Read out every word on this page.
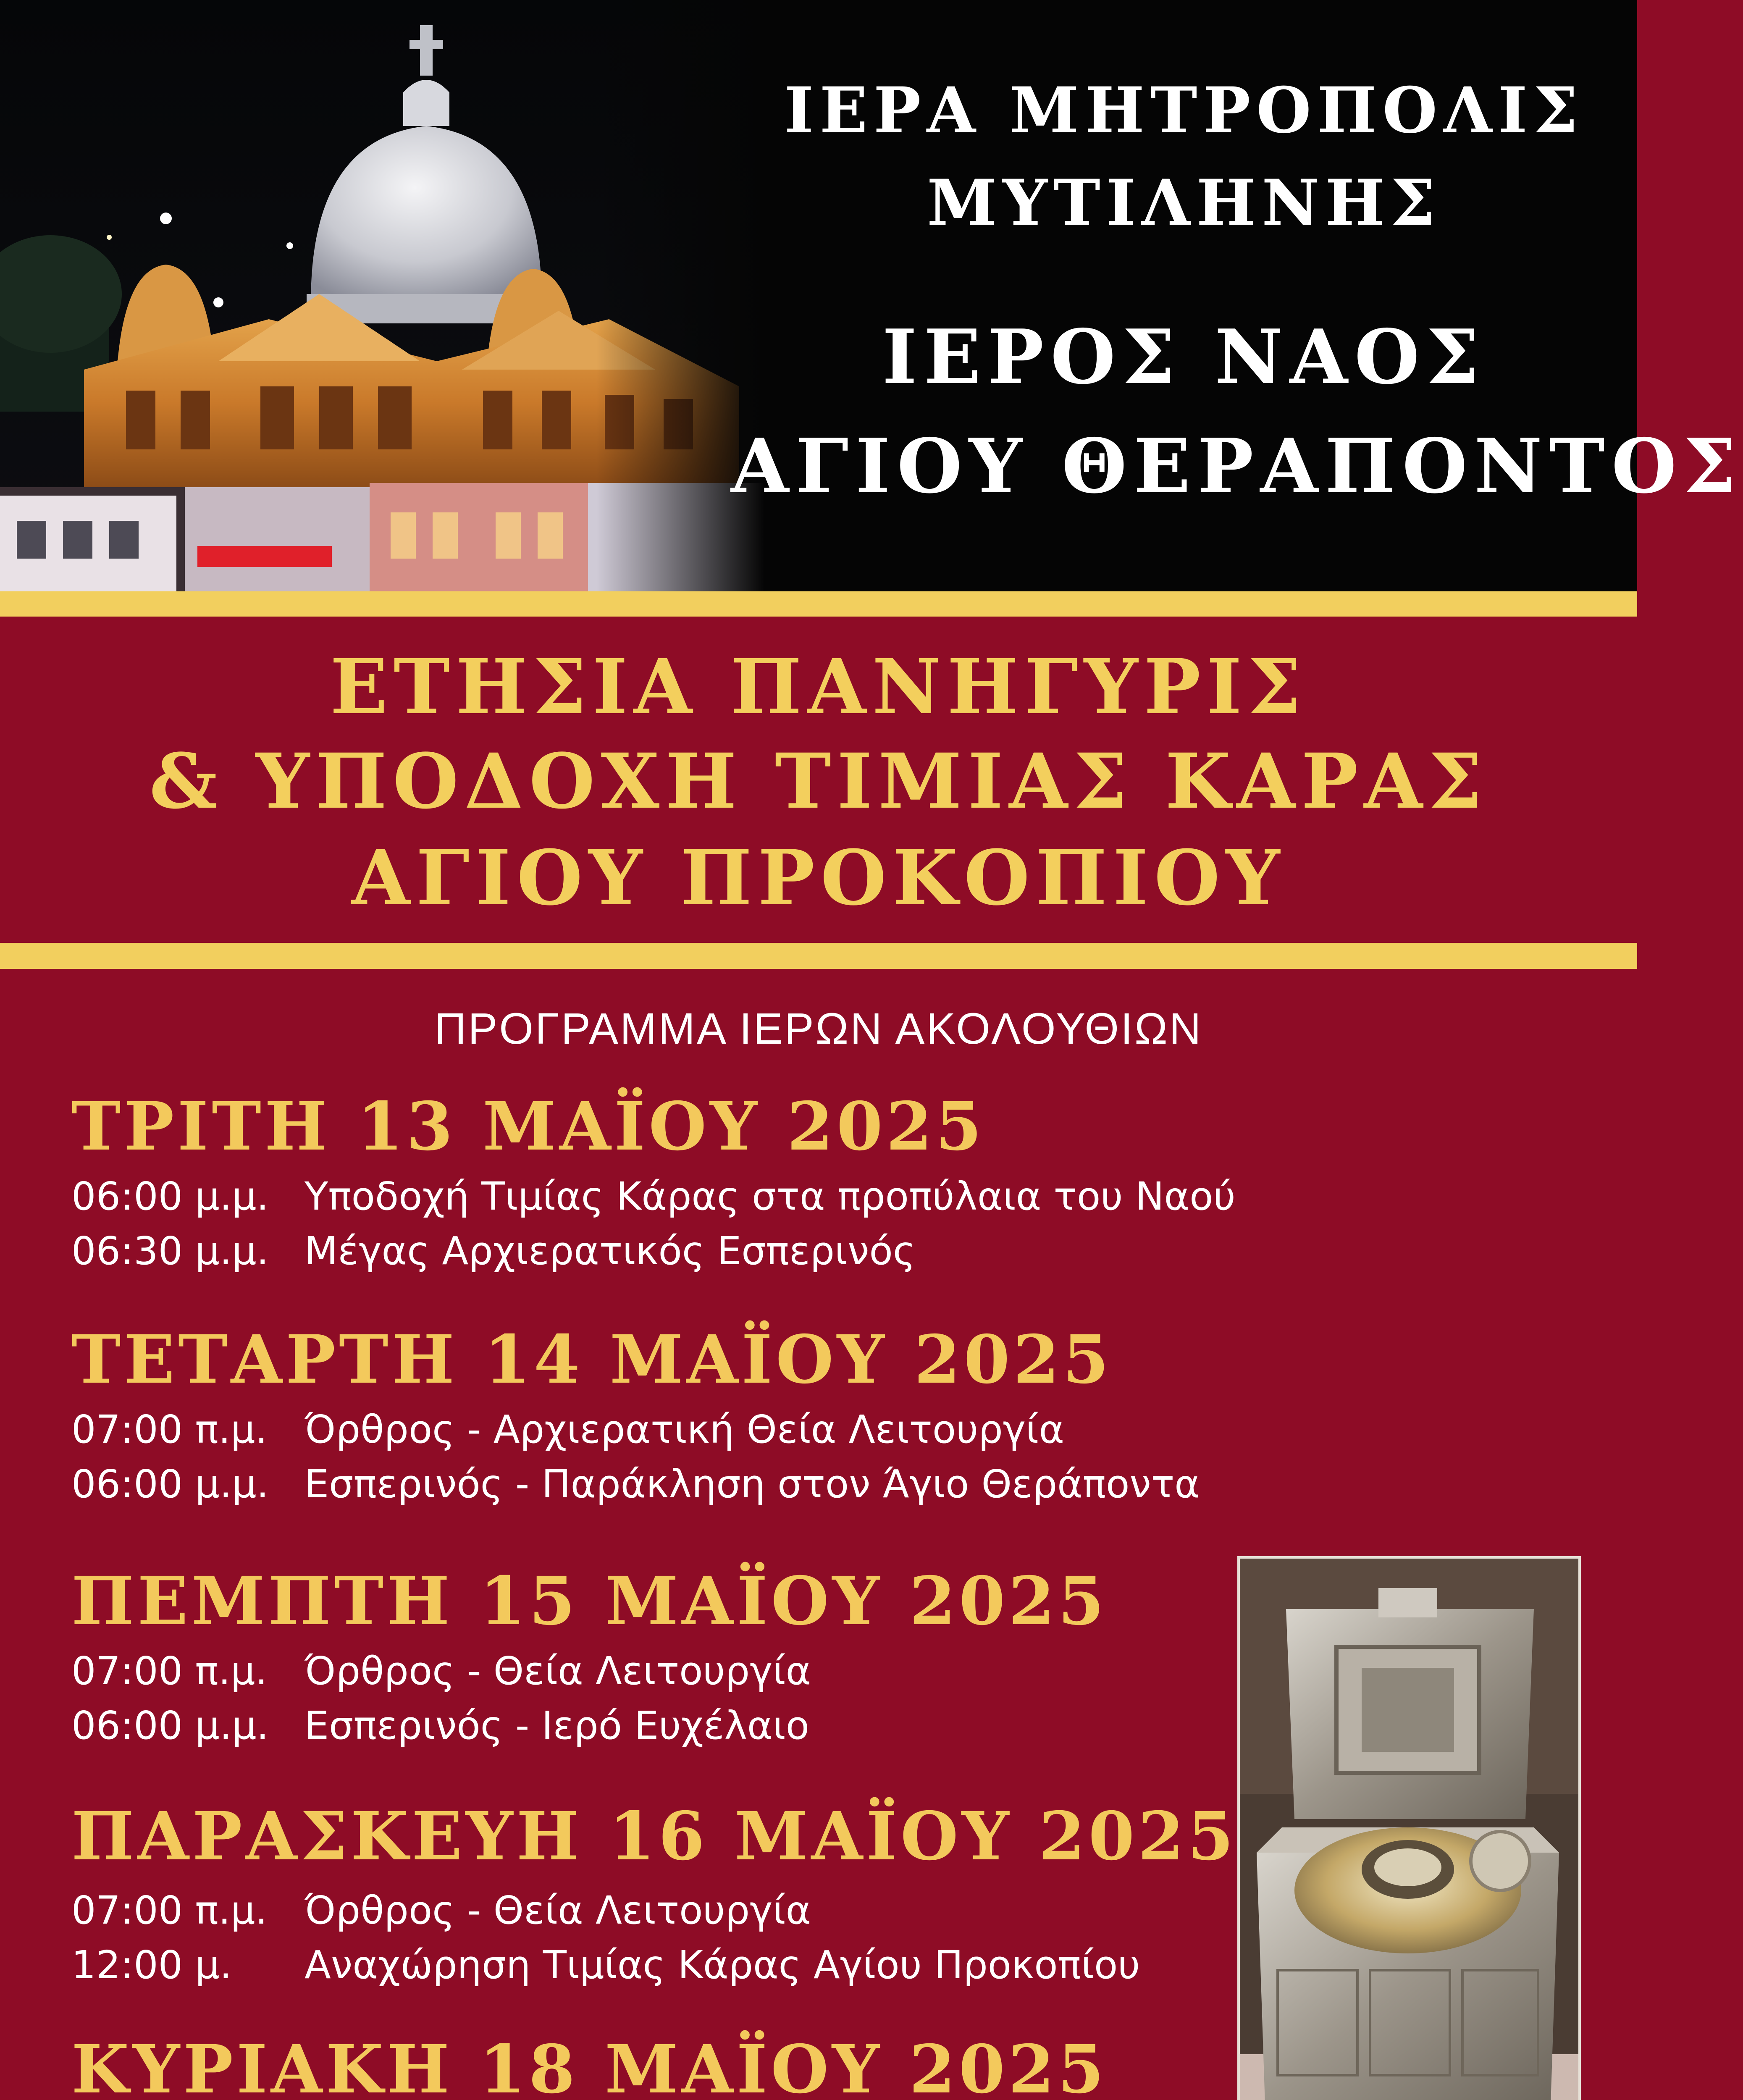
ΙΕΡΑ ΜΗΤΡΟΠΟΛΙΣ
ΜΥΤΙΛΗΝΗΣ
ΙΕΡΟΣ ΝΑΟΣ
ΑΓΙΟΥ ΘΕΡΑΠΟΝΤΟΣ
ΕΤΗΣΙΑ ΠΑΝΗΓΥΡΙΣ
& ΥΠΟΔΟΧΗ ΤΙΜΙΑΣ ΚΑΡΑΣ
ΑΓΙΟΥ ΠΡΟΚΟΠΙΟΥ
ΠΡΟΓΡΑΜΜΑ ΙΕΡΩΝ ΑΚΟΛΟΥΘΙΩΝ
ΤΡΙΤΗ 13 ΜΑΪΟΥ 2025
06:00 μ.μ. Υποδοχή Τιμίας Κάρας στα προπύλαια του Ναού
06:30 μ.μ. Μέγας Αρχιερατικός Εσπερινός
ΤΕΤΑΡΤΗ 14 ΜΑΪΟΥ 2025
07:00 π.μ. Όρθρος - Αρχιερατική Θεία Λειτουργία
06:00 μ.μ. Εσπερινός - Παράκληση στον Άγιο Θεράποντα
ΠΕΜΠΤΗ 15 ΜΑΪΟΥ 2025
07:00 π.μ. Όρθρος - Θεία Λειτουργία
06:00 μ.μ. Εσπερινός - Ιερό Ευχέλαιο
ΠΑΡΑΣΚΕΥΗ 16 ΜΑΪΟΥ 2025
07:00 π.μ. Όρθρος - Θεία Λειτουργία
12:00 μ. Αναχώρηση Τιμίας Κάρας Αγίου Προκοπίου
ΚΥΡΙΑΚΗ 18 ΜΑΪΟΥ 2025
